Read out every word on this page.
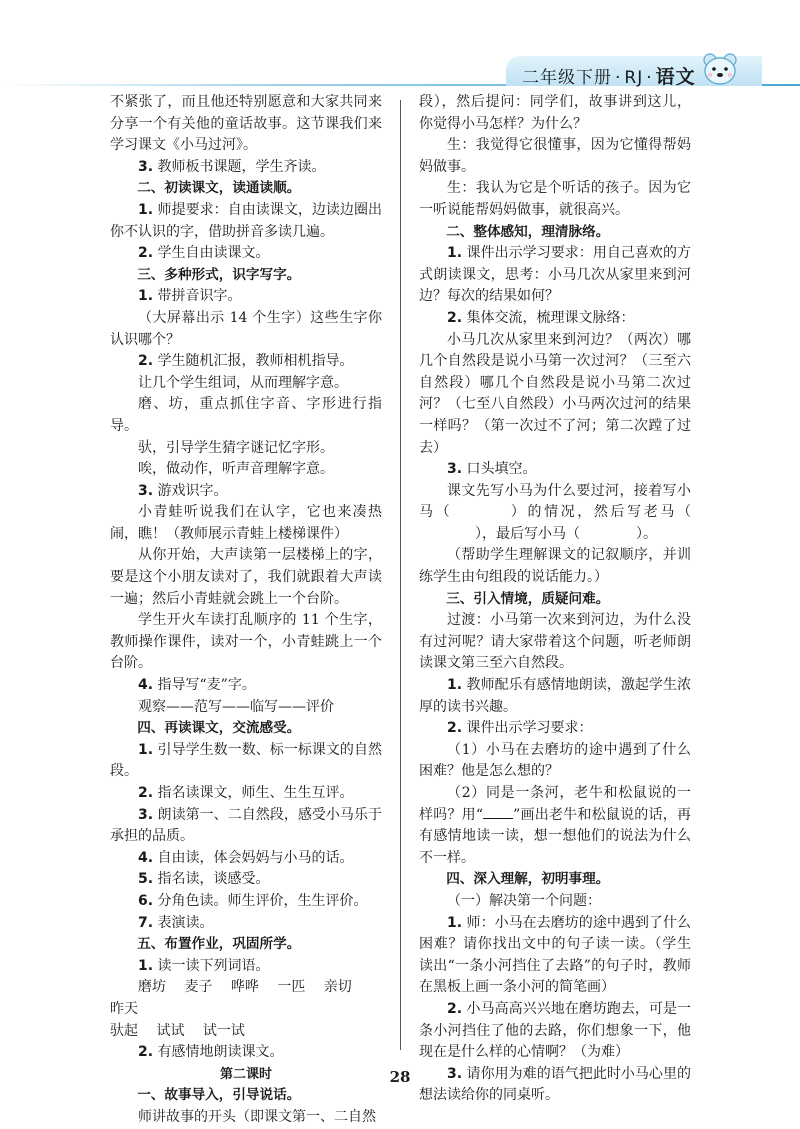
二年级下册 · RJ · 语文

不紧张了，而且他还特别愿意和大家共同来分享一个有关他的童话故事。这节课我们来学习课文《小马过河》。

3. 教师板书课题，学生齐读。

二、初读课文，读通读顺。

1. 师提要求：自由读课文，边读边圈出你不认识的字，借助拼音多读几遍。

2. 学生自由读课文。

三、多种形式，识字写字。

1. 带拼音识字。

（大屏幕出示 14 个生字）这些生字你认识哪个？

2. 学生随机汇报，教师相机指导。

让几个学生组词，从而理解字意。

磨、坊，重点抓住字音、字形进行指导。

驮，引导学生猜字谜记忆字形。

唉，做动作，听声音理解字意。

3. 游戏识字。

小青蛙听说我们在认字，它也来凑热闹，瞧！（教师展示青蛙上楼梯课件）

从你开始，大声读第一层楼梯上的字，要是这个小朋友读对了，我们就跟着大声读一遍；然后小青蛙就会跳上一个台阶。

学生开火车读打乱顺序的 11 个生字，教师操作课件，读对一个，小青蛙跳上一个台阶。

4. 指导写“麦”字。

观察——范写——临写——评价

四、再读课文，交流感受。

1. 引导学生数一数、标一标课文的自然段。

2. 指名读课文，师生、生生互评。

3. 朗读第一、二自然段，感受小马乐于承担的品质。

4. 自由读，体会妈妈与小马的话。

5. 指名读，谈感受。

6. 分角色读。师生评价，生生评价。

7. 表演读。

五、布置作业，巩固所学。

1. 读一读下列词语。

磨坊　 麦子　 哗哗　 一匹　 亲切　 昨天

驮起　 试试　 试一试

2. 有感情地朗读课文。

第二课时

一、故事导入，引导说话。

师讲故事的开头（即课文第一、二自然

段），然后提问：同学们，故事讲到这儿，你觉得小马怎样？为什么？

生：我觉得它很懂事，因为它懂得帮妈妈做事。

生：我认为它是个听话的孩子。因为它一听说能帮妈妈做事，就很高兴。

二、整体感知，理清脉络。

1. 课件出示学习要求：用自己喜欢的方式朗读课文，思考：小马几次从家里来到河边？每次的结果如何？

2. 集体交流，梳理课文脉络：

小马几次从家里来到河边？（两次）哪几个自然段是说小马第一次过河？（三至六自然段）哪几个自然段是说小马第二次过河？（七至八自然段）小马两次过河的结果一样吗？（第一次过不了河；第二次蹚了过去）

3. 口头填空。

课文先写小马为什么要过河，接着写小马（	）的情况，然后写老马（），最后写小马（	）。

（帮助学生理解课文的记叙顺序，并训练学生由句组段的说话能力。）

三、引入情境，质疑问难。

过渡：小马第一次来到河边，为什么没有过河呢？请大家带着这个问题，听老师朗读课文第三至六自然段。

1. 教师配乐有感情地朗读，激起学生浓厚的读书兴趣。

2. 课件出示学习要求：

（1）小马在去磨坊的途中遇到了什么困难？他是怎么想的？

（2）同是一条河，老牛和松鼠说的一样吗？用“ ”画出老牛和松鼠说的话，再有感情地读一读，想一想他们的说法为什么不一样。

四、深入理解，初明事理。

（一）解决第一个问题：

1. 师：小马在去磨坊的途中遇到了什么困难？请你找出文中的句子读一读。（学生读出“一条小河挡住了去路”的句子时，教师在黑板上画一条小河的简笔画）

2. 小马高高兴兴地在磨坊跑去，可是一条小河挡住了他的去路，你们想象一下，他现在是什么样的心情啊？（为难）

3. 请你用为难的语气把此时小马心里的想法读给你的同桌听。

28
